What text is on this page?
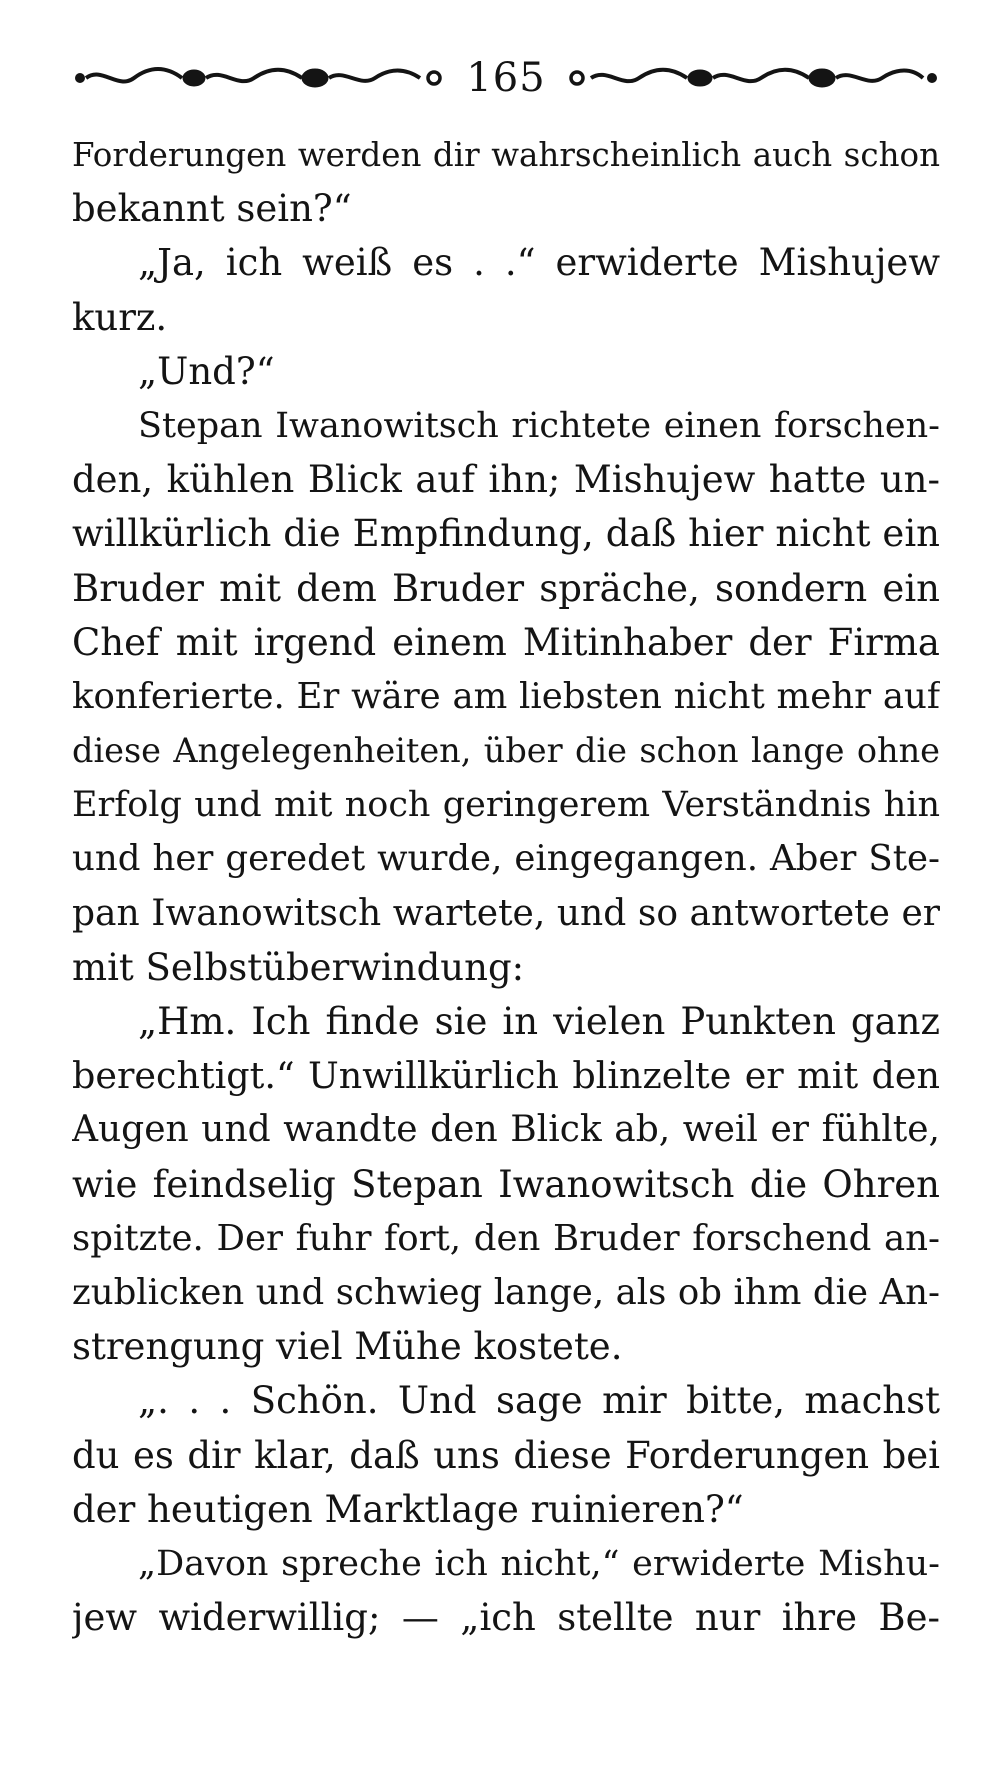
165
Forderungen werden dir wahrscheinlich auch schon
bekannt sein?“
„Ja, ich weiß es . .“ erwiderte Mishujew
kurz.
„Und?“
Stepan Iwanowitsch richtete einen forschen-
den, kühlen Blick auf ihn; Mishujew hatte un-
willkürlich die Empfindung, daß hier nicht ein
Bruder mit dem Bruder spräche, sondern ein
Chef mit irgend einem Mitinhaber der Firma
konferierte. Er wäre am liebsten nicht mehr auf
diese Angelegenheiten, über die schon lange ohne
Erfolg und mit noch geringerem Verständnis hin
und her geredet wurde, eingegangen. Aber Ste-
pan Iwanowitsch wartete, und so antwortete er
mit Selbstüberwindung:
„Hm. Ich finde sie in vielen Punkten ganz
berechtigt.“ Unwillkürlich blinzelte er mit den
Augen und wandte den Blick ab, weil er fühlte,
wie feindselig Stepan Iwanowitsch die Ohren
spitzte. Der fuhr fort, den Bruder forschend an-
zublicken und schwieg lange, als ob ihm die An-
strengung viel Mühe kostete.
„. . . Schön. Und sage mir bitte, machst
du es dir klar, daß uns diese Forderungen bei
der heutigen Marktlage ruinieren?“
„Davon spreche ich nicht,“ erwiderte Mishu-
jew widerwillig; — „ich stellte nur ihre Be-
